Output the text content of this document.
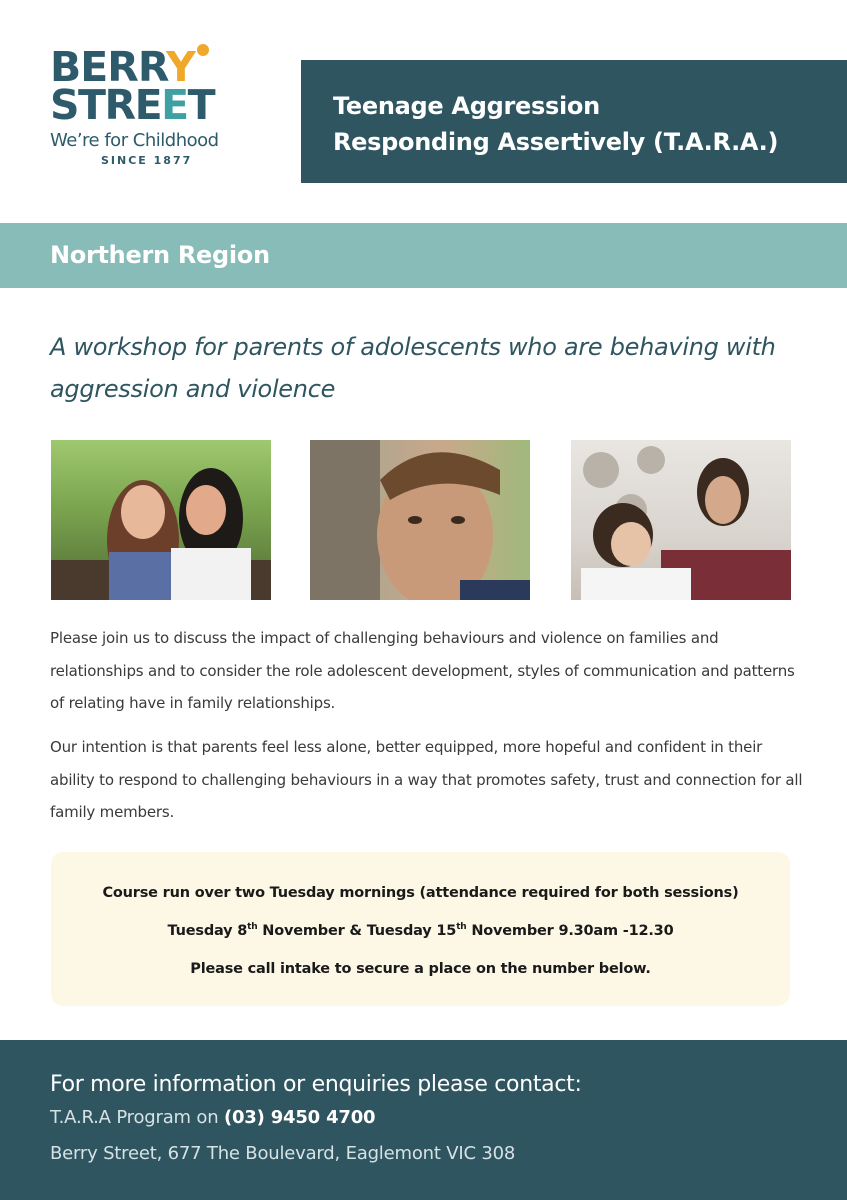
BERRY
STREET
We’re for Childhood
SINCE 1877
Teenage Aggression
Responding Assertively (T.A.R.A.)
Northern Region
A workshop for parents of adolescents who are behaving with aggression and violence
Please join us to discuss the impact of challenging behaviours and violence on families and relationships and to consider the role adolescent development, styles of communication and patterns of relating have in family relationships.
Our intention is that parents feel less alone, better equipped, more hopeful and confident in their ability to respond to challenging behaviours in a way that promotes safety, trust and connection for all family members.
Course run over two Tuesday mornings (attendance required for both sessions)
Tuesday 8th November & Tuesday 15th November 9.30am -12.30
Please call intake to secure a place on the number below.
For more information or enquiries please contact:
T.A.R.A Program on (03) 9450 4700
Berry Street, 677 The Boulevard, Eaglemont VIC 308
